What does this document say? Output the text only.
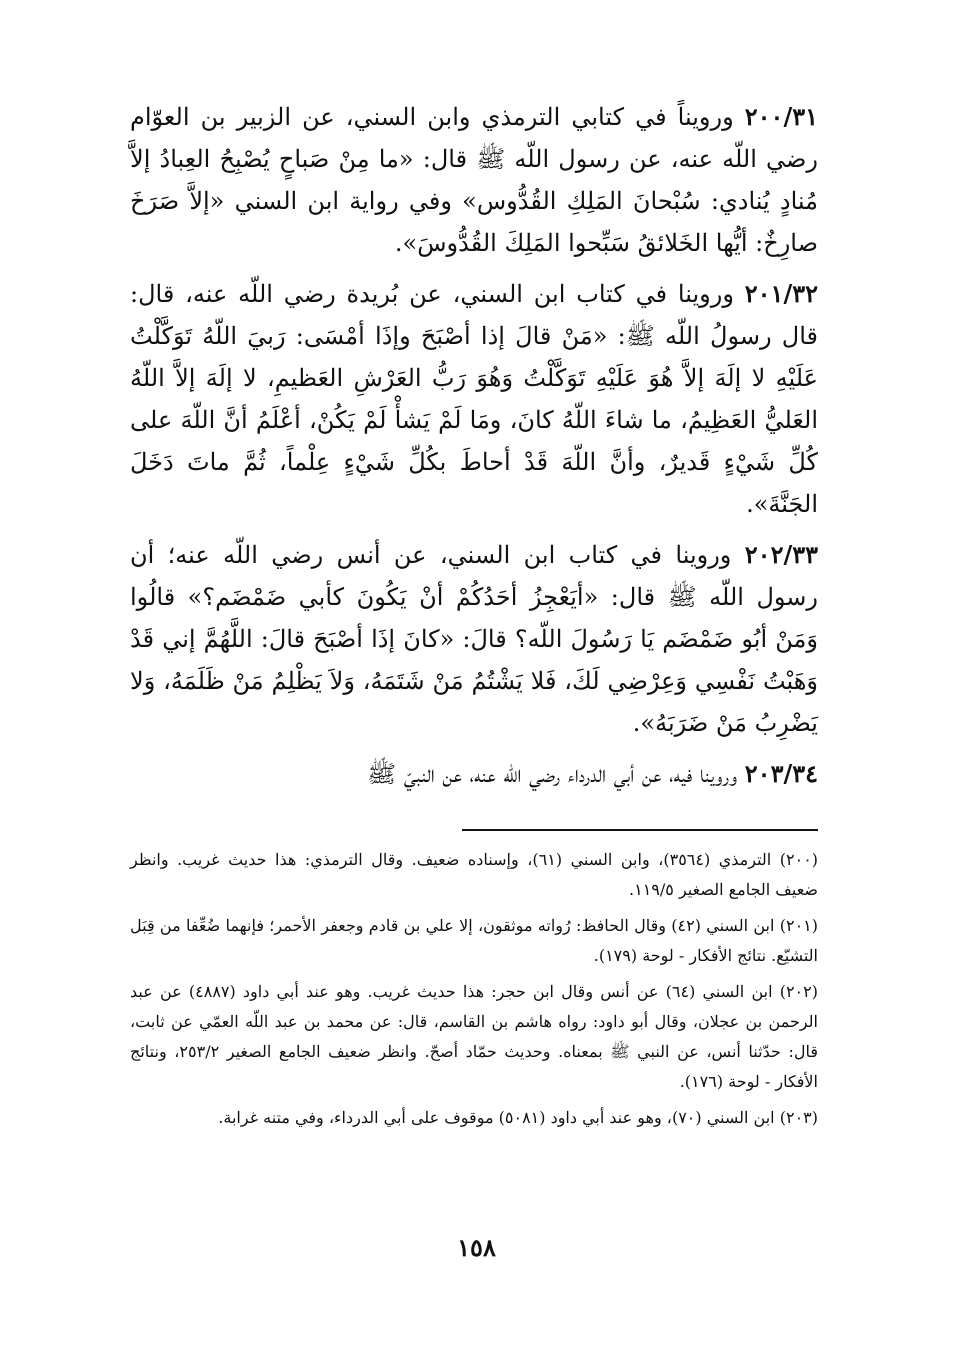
٢٠٠/٣١ ورويناً في كتابي الترمذي وابن السني، عن الزبير بن العوّام رضي اللّه عنه، عن رسول اللّه ﷺ قال: «ما مِنْ صَباحٍ يُصْبِحُ العِبادُ إلاَّ مُنادٍ يُنادي: سُبْحانَ المَلِكِ القُدُّوس» وفي رواية ابن السني «إلاَّ صَرَخَ صارِخٌ: أيُّها الخَلائقُ سَبِّحوا المَلِكَ القُدُّوسَ».

٢٠١/٣٢ وروينا في كتاب ابن السني، عن بُريدة رضي اللّه عنه، قال: قال رسولُ اللّه ﷺ: «مَنْ قالَ إذا أصْبَحَ وإذَا أمْسَى: رَبيَ اللّهُ تَوَكَّلْتُ عَلَيْهِ لا إلَهَ إلاَّ هُوَ عَلَيْهِ تَوَكَّلْتُ وَهُوَ رَبُّ العَرْشِ العَظيمِ، لا إلَهَ إلاَّ اللّهُ العَليُّ العَظِيمُ، ما شاءَ اللّهُ كانَ، ومَا لَمْ يَشأْ لَمْ يَكُنْ، أعْلَمُ أنَّ اللّهَ على كُلِّ شَيْءٍ قَديرٌ، وأنَّ اللّهَ قَدْ أحاطَ بكُلِّ شَيْءٍ عِلْماً، ثُمَّ ماتَ دَخَلَ الجَنَّةَ».

٢٠٢/٣٣ وروينا في كتاب ابن السني، عن أنس رضي اللّه عنه؛ أن رسول اللّه ﷺ قال: «أيَعْجِزُ أحَدُكُمْ أنْ يَكُونَ كأبي ضَمْضَم؟» قالُوا وَمَنْ أبُو ضَمْضَم يَا رَسُولَ اللّه؟ قالَ: «كانَ إذَا أصْبَحَ قالَ: اللَّهُمَّ إني قَدْ وَهَبْتُ نَفْسِي وَعِرْضِي لَكَ، فَلا يَشْتُمُ مَنْ شَتَمَهُ، وَلاَ يَظْلِمُ مَنْ ظَلَمَهُ، وَلا يَضْرِبُ مَنْ ضَرَبَهُ».

٢٠٣/٣٤ وروينا فيه، عن أبي الدرداء رضي اللّه عنه، عن النبيّ ﷺ

(٢٠٠) الترمذي (٣٥٦٤)، وابن السني (٦١)، وإسناده ضعيف. وقال الترمذي: هذا حديث غريب. وانظر ضعيف الجامع الصغير ١١٩/٥.

(٢٠١) ابن السني (٤٢) وقال الحافظ: رُواته موثقون، إلا علي بن قادم وجعفر الأحمر؛ فإنهما ضُعِّفا من قِبَل التشيّع. نتائج الأفكار - لوحة (١٧٩).

(٢٠٢) ابن السني (٦٤) عن أنس وقال ابن حجر: هذا حديث غريب. وهو عند أبي داود (٤٨٨٧) عن عبد الرحمن بن عجلان، وقال أبو داود: رواه هاشم بن القاسم، قال: عن محمد بن عبد اللّه العمّي عن ثابت، قال: حدّثنا أنس، عن النبي ﷺ بمعناه. وحديث حمّاد أصحّ. وانظر ضعيف الجامع الصغير ٢٥٣/٢، ونتائج الأفكار - لوحة (١٧٦).

(٢٠٣) ابن السني (٧٠)، وهو عند أبي داود (٥٠٨١) موقوف على أبي الدرداء، وفي متنه غرابة.

١٥٨
